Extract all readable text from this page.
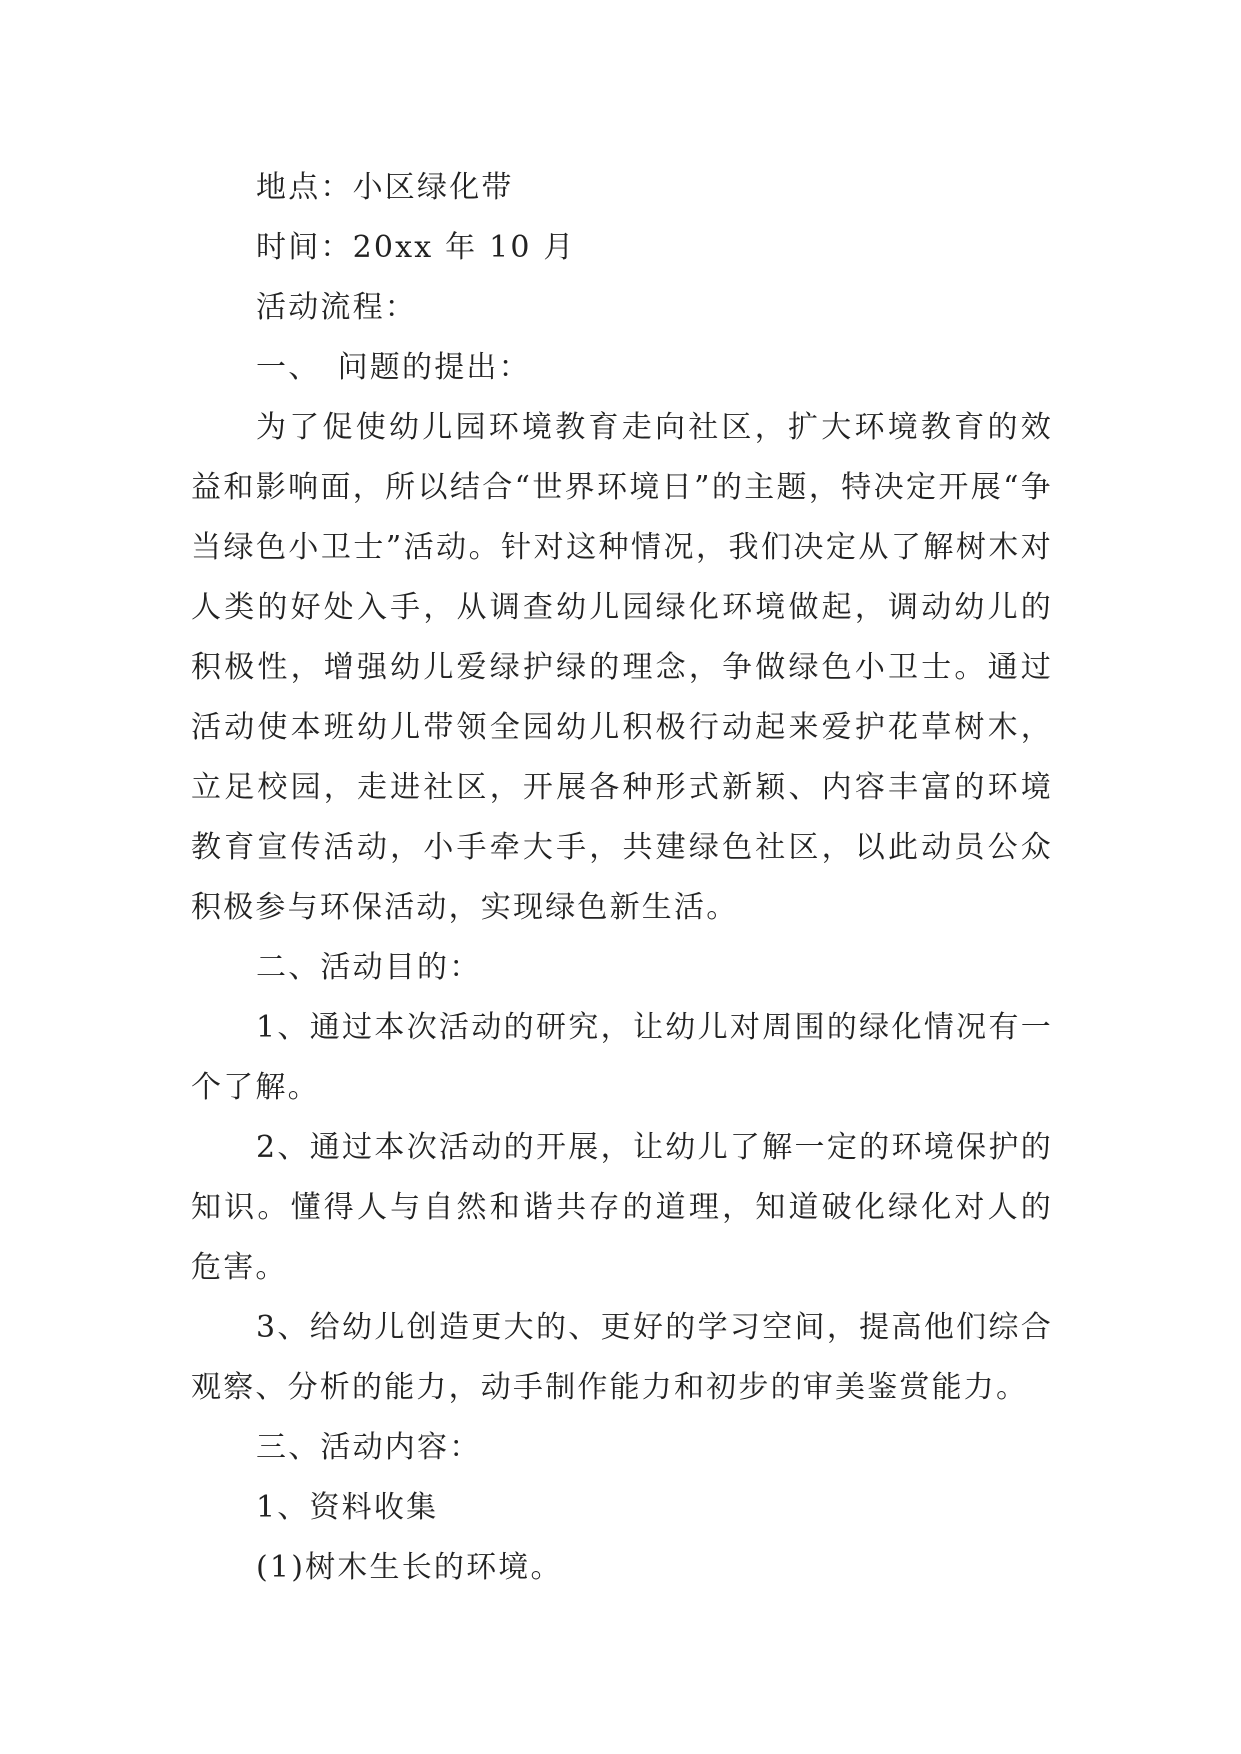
地点：小区绿化带

时间：20xx 年 10 月

活动流程：

一、　问题的提出：

为了促使幼儿园环境教育走向社区，扩大环境教育的效益和影响面，所以结合“世界环境日”的主题，特决定开展“争当绿色小卫士”活动。针对这种情况，我们决定从了解树木对人类的好处入手，从调查幼儿园绿化环境做起，调动幼儿的积极性，增强幼儿爱绿护绿的理念，争做绿色小卫士。通过活动使本班幼儿带领全园幼儿积极行动起来爱护花草树木，立足校园，走进社区，开展各种形式新颖、内容丰富的环境教育宣传活动，小手牵大手，共建绿色社区，以此动员公众积极参与环保活动，实现绿色新生活。

二、活动目的：

1、通过本次活动的研究，让幼儿对周围的绿化情况有一个了解。

2、通过本次活动的开展，让幼儿了解一定的环境保护的知识。懂得人与自然和谐共存的道理，知道破化绿化对人的危害。

3、给幼儿创造更大的、更好的学习空间，提高他们综合观察、分析的能力，动手制作能力和初步的审美鉴赏能力。

三、活动内容：

1、资料收集

(1)树木生长的环境。
